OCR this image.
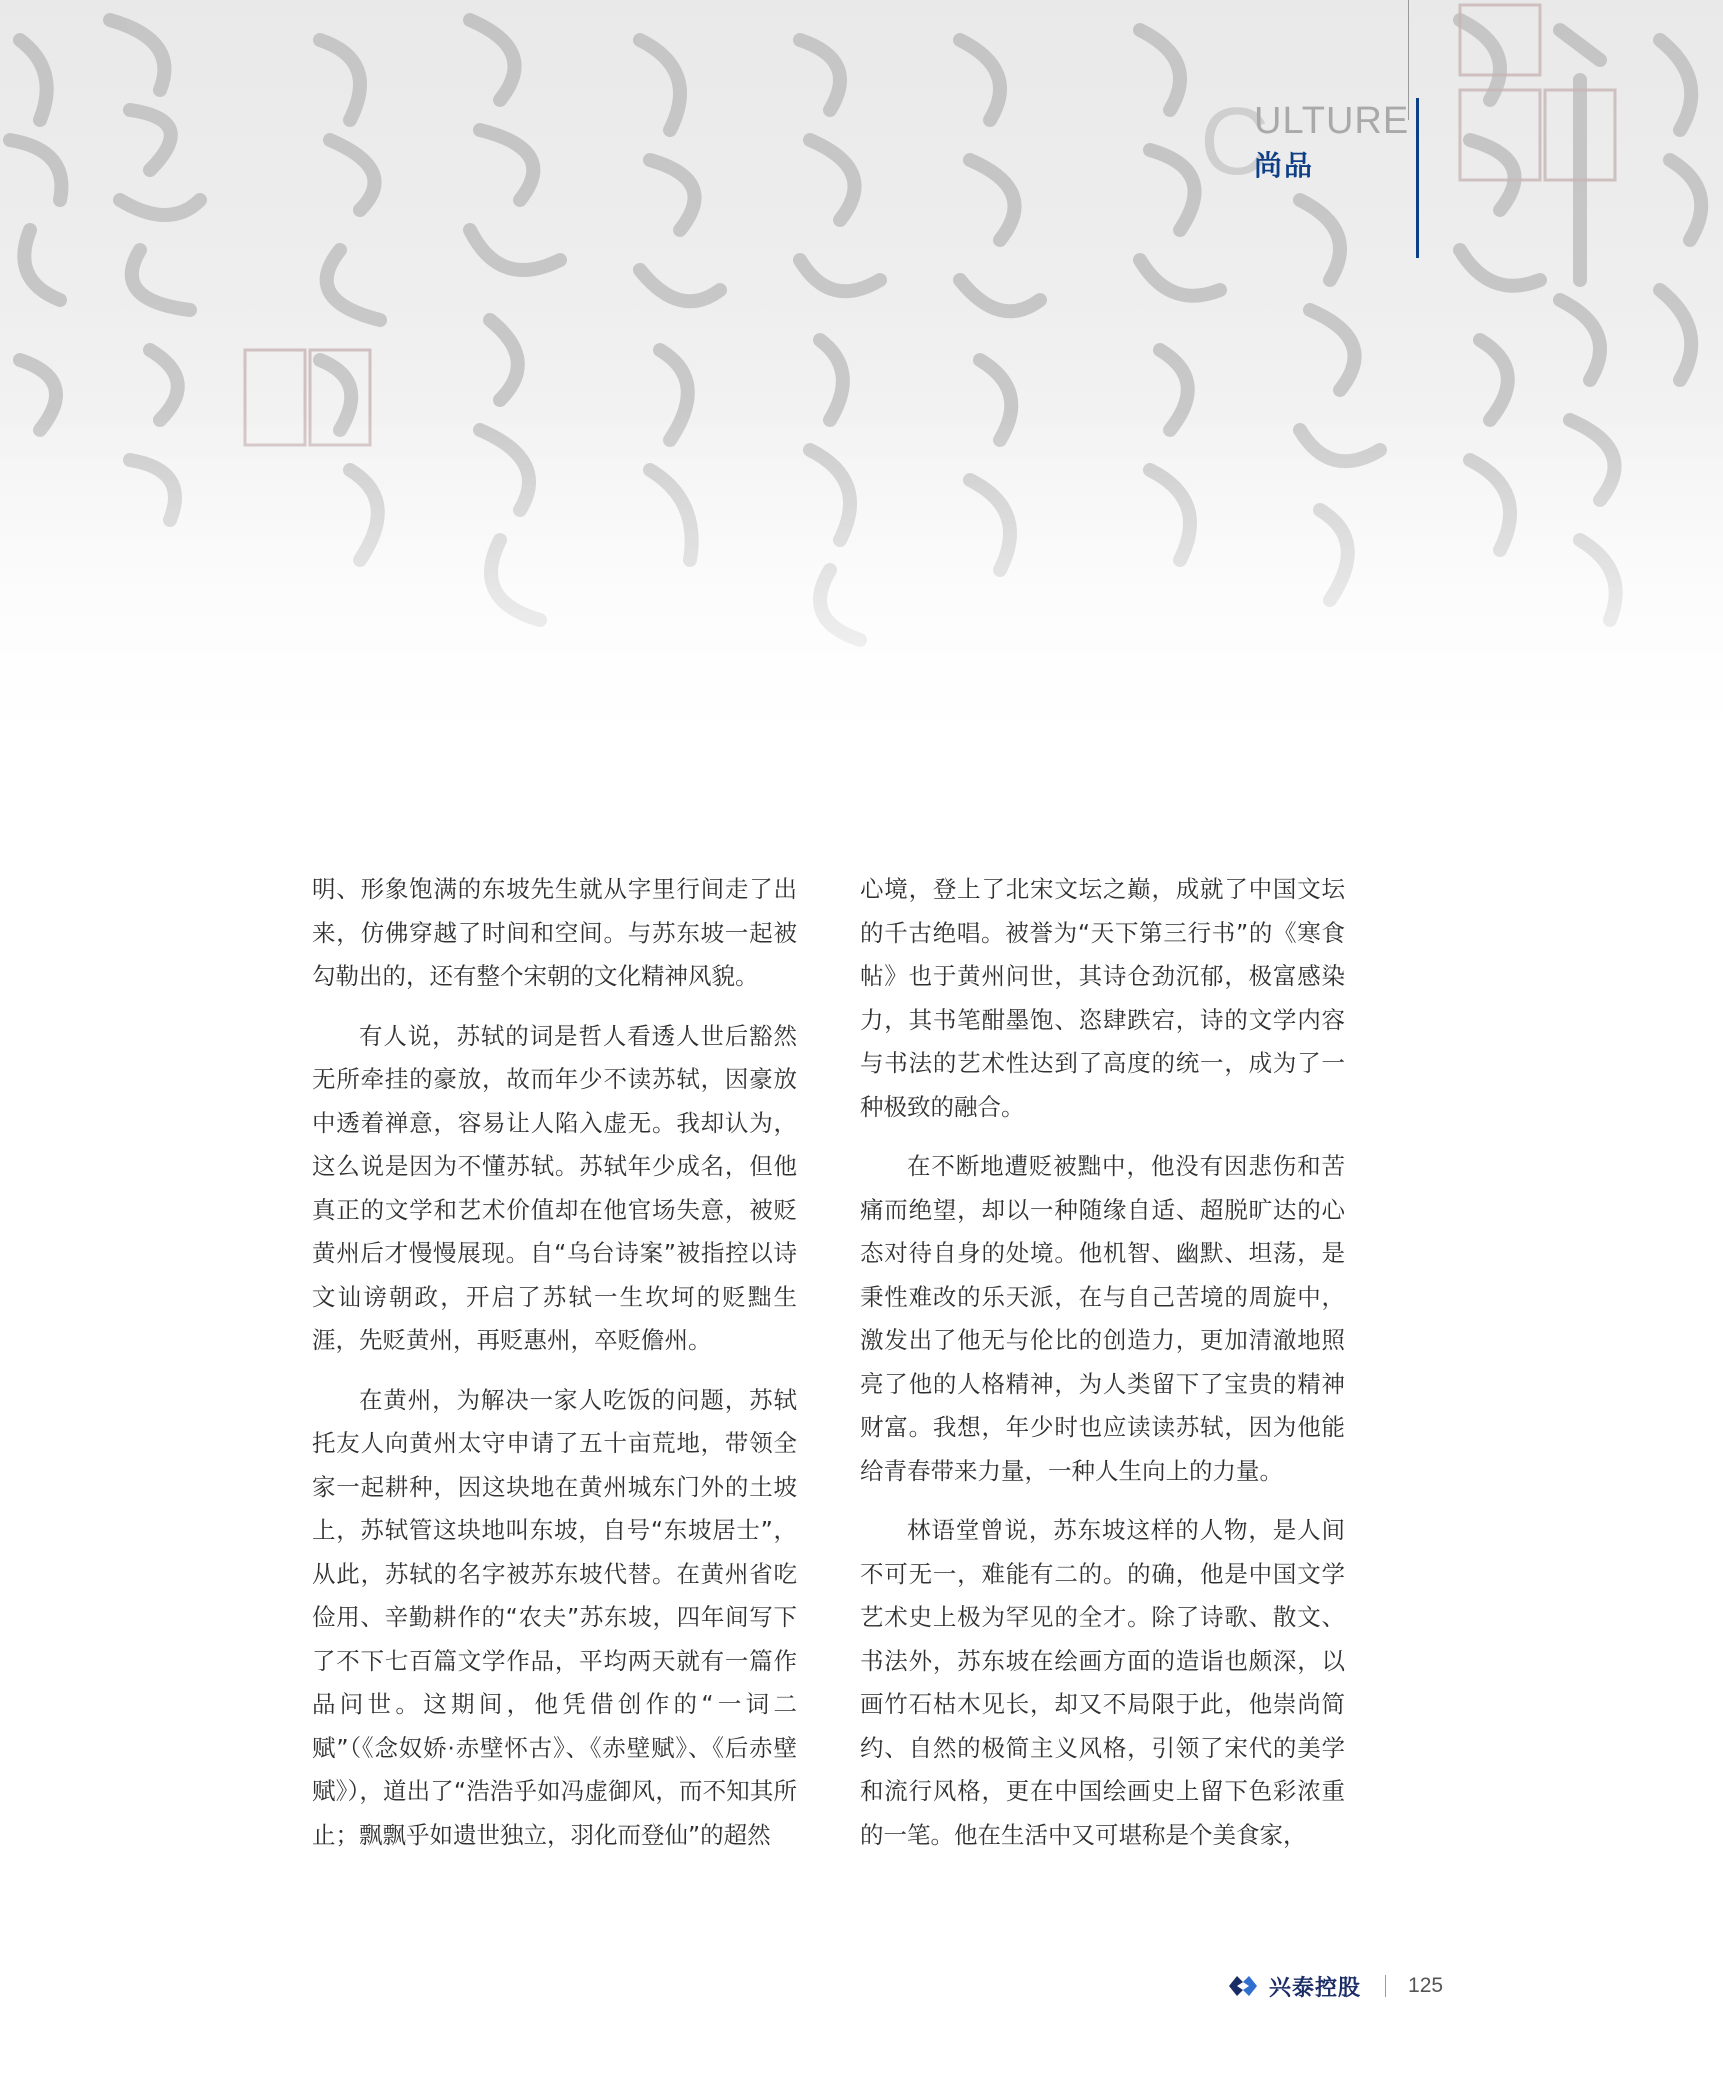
C
ULTURE
尚品

明、形象饱满的东坡先生就从字里行间走了出来，仿佛穿越了时间和空间。与苏东坡一起被勾勒出的，还有整个宋朝的文化精神风貌。

有人说，苏轼的词是哲人看透人世后豁然无所牵挂的豪放，故而年少不读苏轼，因豪放中透着禅意，容易让人陷入虚无。我却认为，这么说是因为不懂苏轼。苏轼年少成名，但他真正的文学和艺术价值却在他官场失意，被贬黄州后才慢慢展现。自“乌台诗案”被指控以诗文讪谤朝政，开启了苏轼一生坎坷的贬黜生涯，先贬黄州，再贬惠州，卒贬儋州。

在黄州，为解决一家人吃饭的问题，苏轼托友人向黄州太守申请了五十亩荒地，带领全家一起耕种，因这块地在黄州城东门外的土坡上，苏轼管这块地叫东坡，自号“东坡居士”，从此，苏轼的名字被苏东坡代替。在黄州省吃俭用、辛勤耕作的“农夫”苏东坡，四年间写下了不下七百篇文学作品，平均两天就有一篇作品问世。这期间，他凭借创作的“一词二赋”（《念奴娇·赤壁怀古》、《赤壁赋》、《后赤壁赋》），道出了“浩浩乎如冯虚御风，而不知其所止；飘飘乎如遗世独立，羽化而登仙”的超然

心境，登上了北宋文坛之巅，成就了中国文坛的千古绝唱。被誉为“天下第三行书”的《寒食帖》也于黄州问世，其诗仓劲沉郁，极富感染力，其书笔酣墨饱、恣肆跌宕，诗的文学内容与书法的艺术性达到了高度的统一，成为了一种极致的融合。

在不断地遭贬被黜中，他没有因悲伤和苦痛而绝望，却以一种随缘自适、超脱旷达的心态对待自身的处境。他机智、幽默、坦荡，是秉性难改的乐天派，在与自己苦境的周旋中，激发出了他无与伦比的创造力，更加清澈地照亮了他的人格精神，为人类留下了宝贵的精神财富。我想，年少时也应读读苏轼，因为他能给青春带来力量，一种人生向上的力量。

林语堂曾说，苏东坡这样的人物，是人间不可无一，难能有二的。的确，他是中国文学艺术史上极为罕见的全才。除了诗歌、散文、书法外，苏东坡在绘画方面的造诣也颇深，以画竹石枯木见长，却又不局限于此，他崇尚简约、自然的极简主义风格，引领了宋代的美学和流行风格，更在中国绘画史上留下色彩浓重的一笔。他在生活中又可堪称是个美食家，

兴泰控股 125
